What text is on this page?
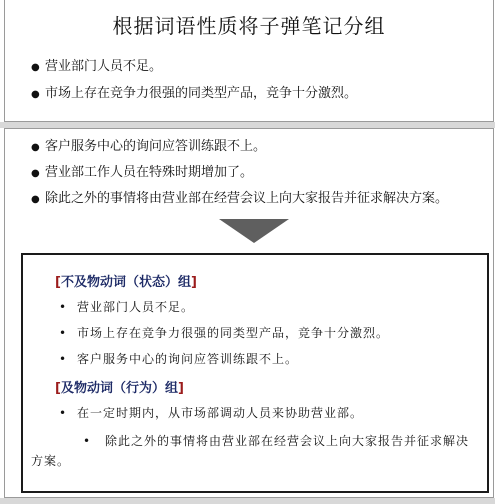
根据词语性质将子弹笔记分组
● 营业部门人员不足。
● 市场上存在竞争力很强的同类型产品，竞争十分激烈。
● 客户服务中心的询问应答训练跟不上。
● 营业部工作人员在特殊时期增加了。
● 除此之外的事情将由营业部在经营会议上向大家报告并征求解决方案。
[不及物动词（状态）组]
• 营业部门人员不足。
• 市场上存在竞争力很强的同类型产品，竞争十分激烈。
• 客户服务中心的询问应答训练跟不上。
[及物动词（行为）组]
• 在一定时期内，从市场部调动人员来协助营业部。
• 除此之外的事情将由营业部在经营会议上向大家报告并征求解决方案。
